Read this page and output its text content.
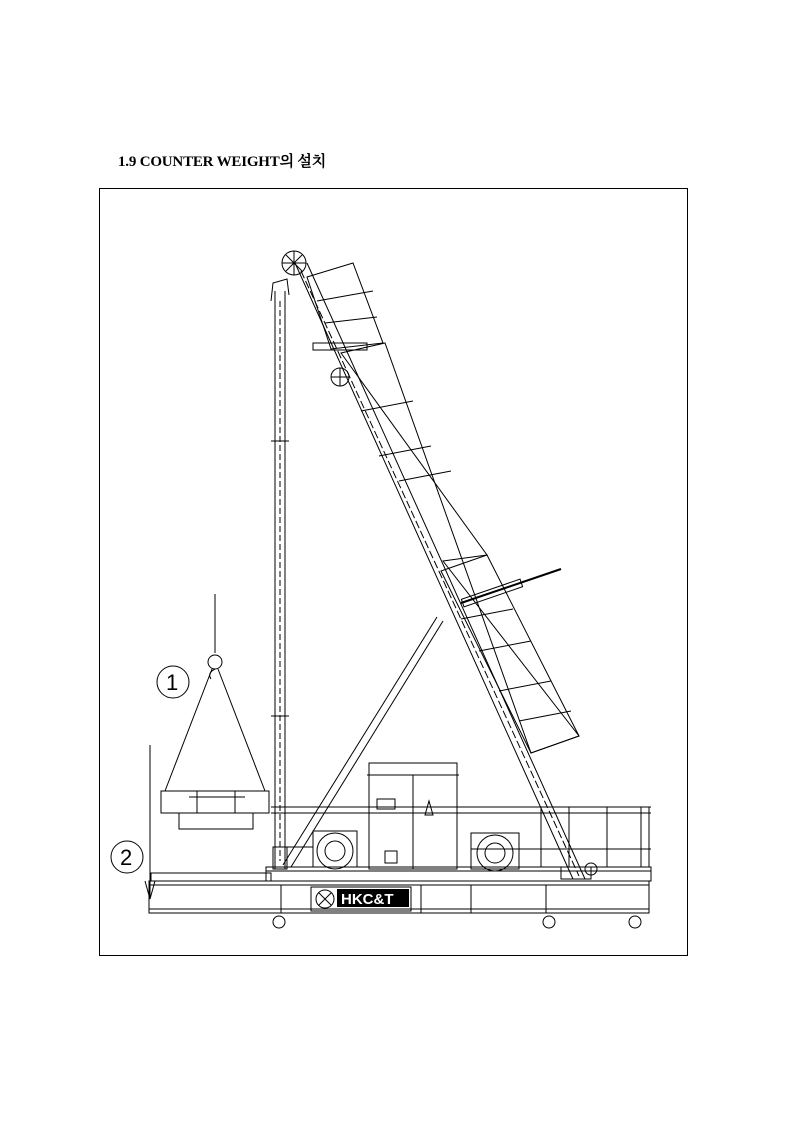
1.9 COUNTER WEIGHT의 설치
HKC&T
1
2
